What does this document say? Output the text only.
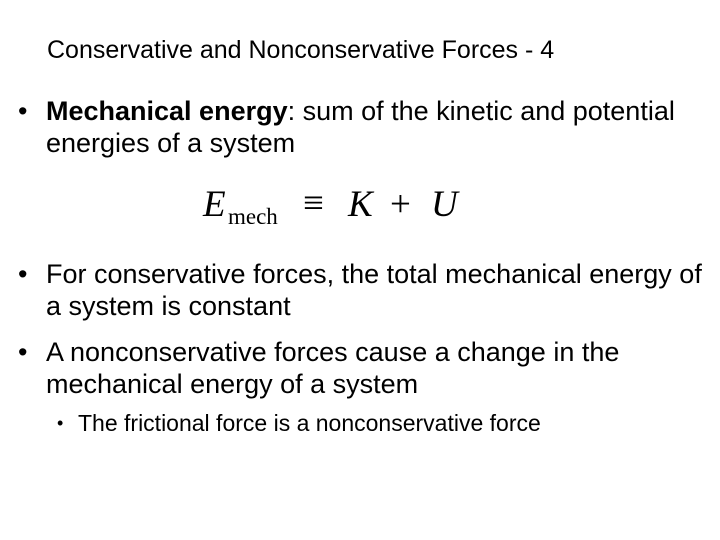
Conservative and Nonconservative Forces - 4
• Mechanical energy: sum of the kinetic and potential energies of a system
E mech ≡ K + U
• For conservative forces, the total mechanical energy of a system is constant
• A nonconservative forces cause a change in the mechanical energy of a system
• The frictional force is a nonconservative force
